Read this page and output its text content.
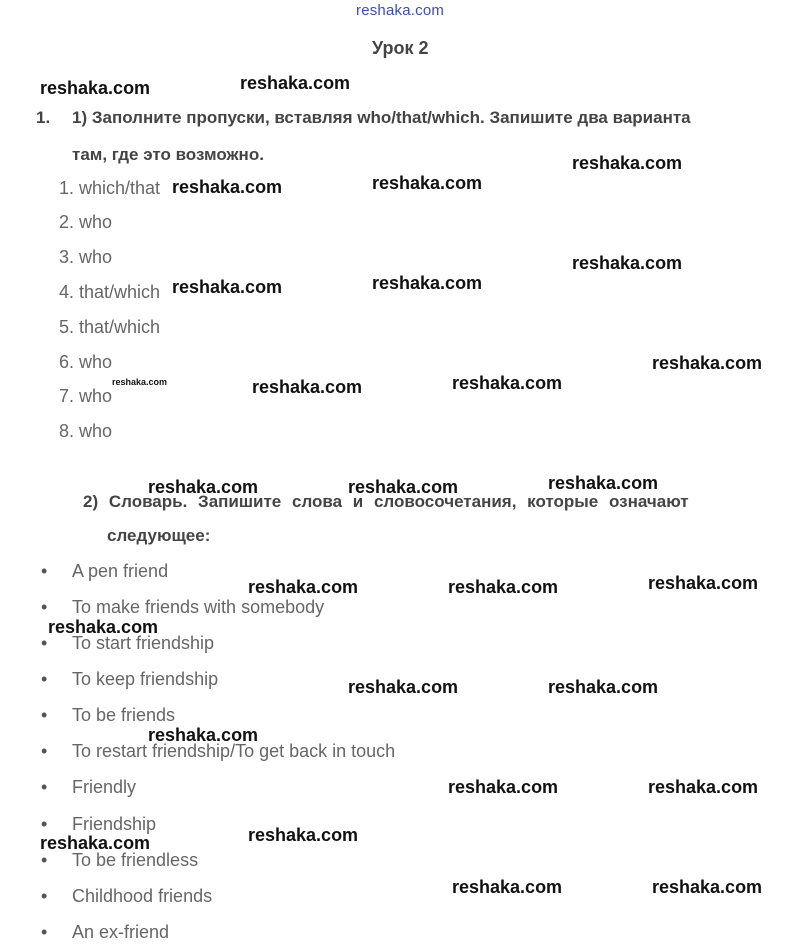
reshaka.com
Урок 2
1. 1) Заполните пропуски, вставляя who/that/which. Запишите два варианта
там, где это возможно.
1. which/that
2. who
3. who
4. that/which
5. that/which
6. who
7. who
8. who
2) Словарь. Запишите слова и словосочетания, которые означают
следующее:
• A pen friend
• To make friends with somebody
• To start friendship
• To keep friendship
• To be friends
• To restart friendship/To get back in touch
• Friendly
• Friendship
• To be friendless
• Childhood friends
• An ex-friend
reshaka.com	reshaka.com
reshaka.com
reshaka.com	reshaka.com
reshaka.com
reshaka.com	reshaka.com
reshaka.com
reshaka.com	reshaka.com	reshaka.com
reshaka.com	reshaka.com	reshaka.com
reshaka.com	reshaka.com	reshaka.com
reshaka.com
reshaka.com	reshaka.com
reshaka.com
reshaka.com	reshaka.com
reshaka.com	reshaka.com
reshaka.com	reshaka.com
